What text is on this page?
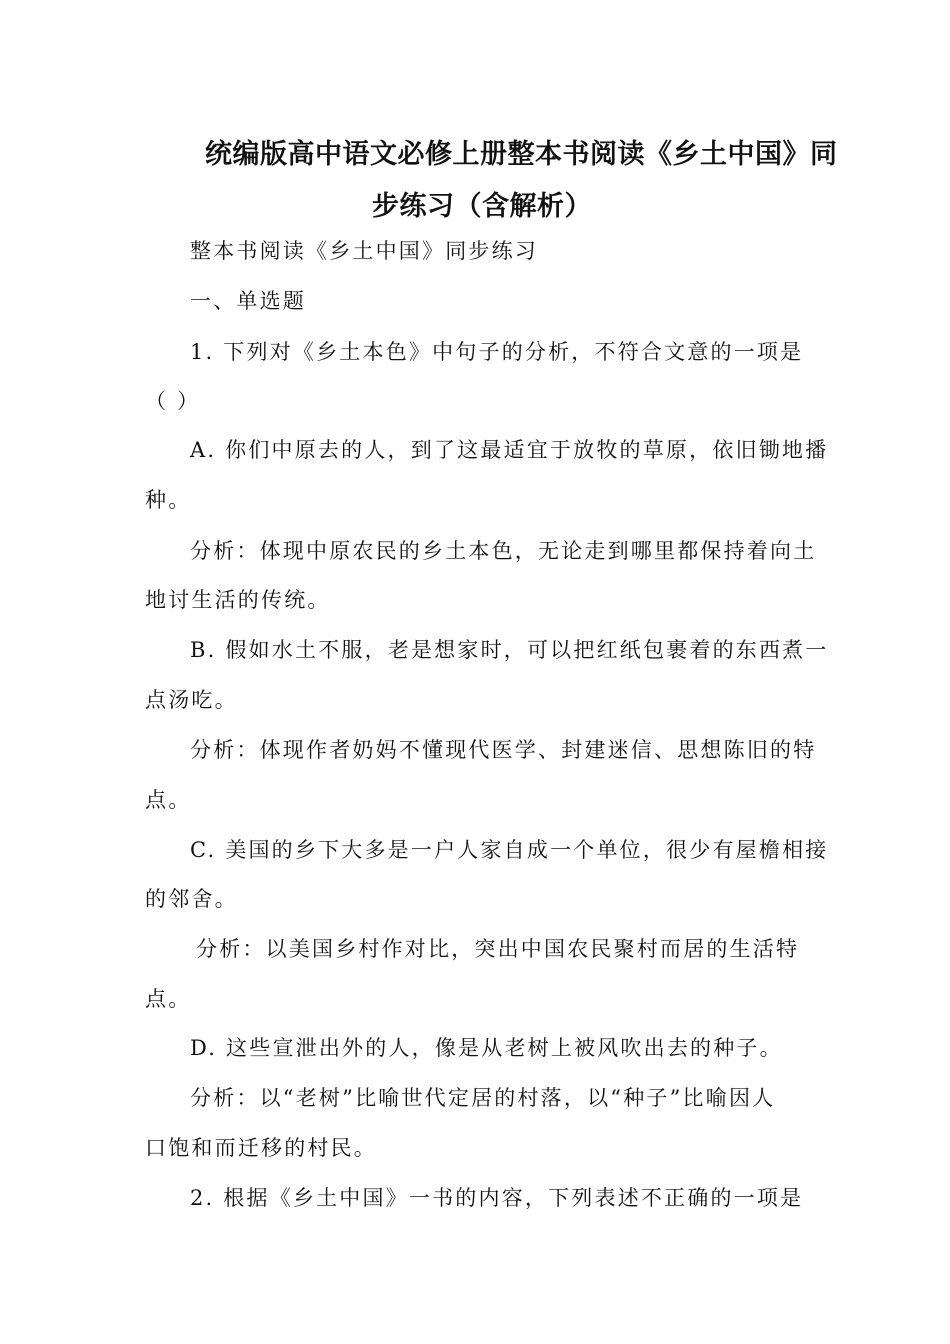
统编版高中语文必修上册整本书阅读《乡土中国》同
步练习（含解析）
整本书阅读《乡土中国》同步练习
一、单选题
1. 下列对《乡土本色》中句子的分析，不符合文意的一项是
（ ）
A. 你们中原去的人，到了这最适宜于放牧的草原，依旧锄地播
种。
分析：体现中原农民的乡土本色，无论走到哪里都保持着向土
地讨生活的传统。
B. 假如水土不服，老是想家时，可以把红纸包裹着的东西煮一
点汤吃。
分析：体现作者奶妈不懂现代医学、封建迷信、思想陈旧的特
点。
C. 美国的乡下大多是一户人家自成一个单位，很少有屋檐相接
的邻舍。
分析：以美国乡村作对比，突出中国农民聚村而居的生活特
点。
D. 这些宣泄出外的人，像是从老树上被风吹出去的种子。
分析：以“老树”比喻世代定居的村落，以“种子”比喻因人
口饱和而迁移的村民。
2. 根据《乡土中国》一书的内容，下列表述不正确的一项是
